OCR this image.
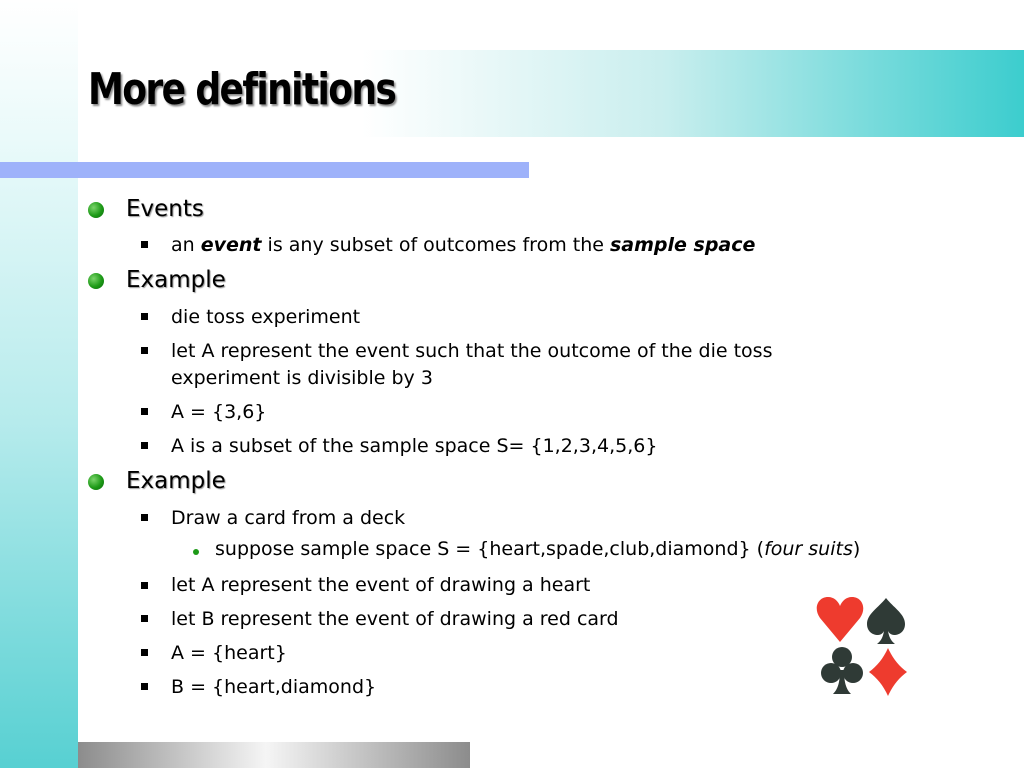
More definitions
Events
an event is any subset of outcomes from the sample space
Example
die toss experiment
let A represent the event such that the outcome of the die toss
experiment is divisible by 3
A = {3,6}
A is a subset of the sample space S= {1,2,3,4,5,6}
Example
Draw a card from a deck
suppose sample space S = {heart,spade,club,diamond} (four suits)
let A represent the event of drawing a heart
let B represent the event of drawing a red card
A = {heart}
B = {heart,diamond}
